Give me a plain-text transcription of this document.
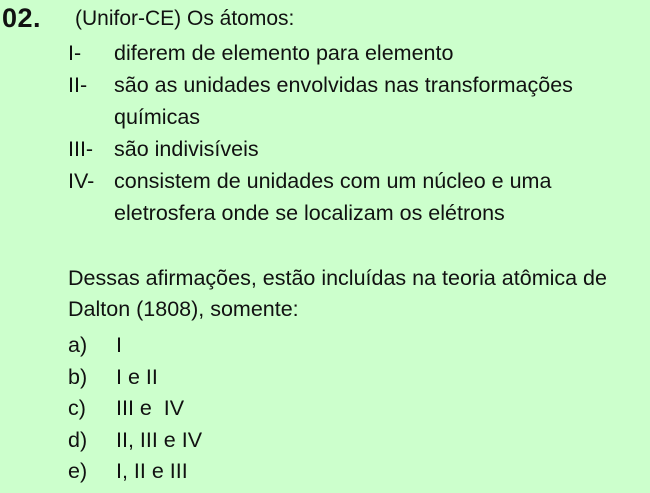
02. (Unifor-CE) Os átomos:
I- diferem de elemento para elemento
II- são as unidades envolvidas nas transformações químicas
III- são indivisíveis
IV- consistem de unidades com um núcleo e uma eletrosfera onde se localizam os elétrons
Dessas afirmações, estão incluídas na teoria atômica de Dalton (1808), somente:
a) I
b) I e II
c) III e  IV
d) II, III e IV
e) I, II e III
